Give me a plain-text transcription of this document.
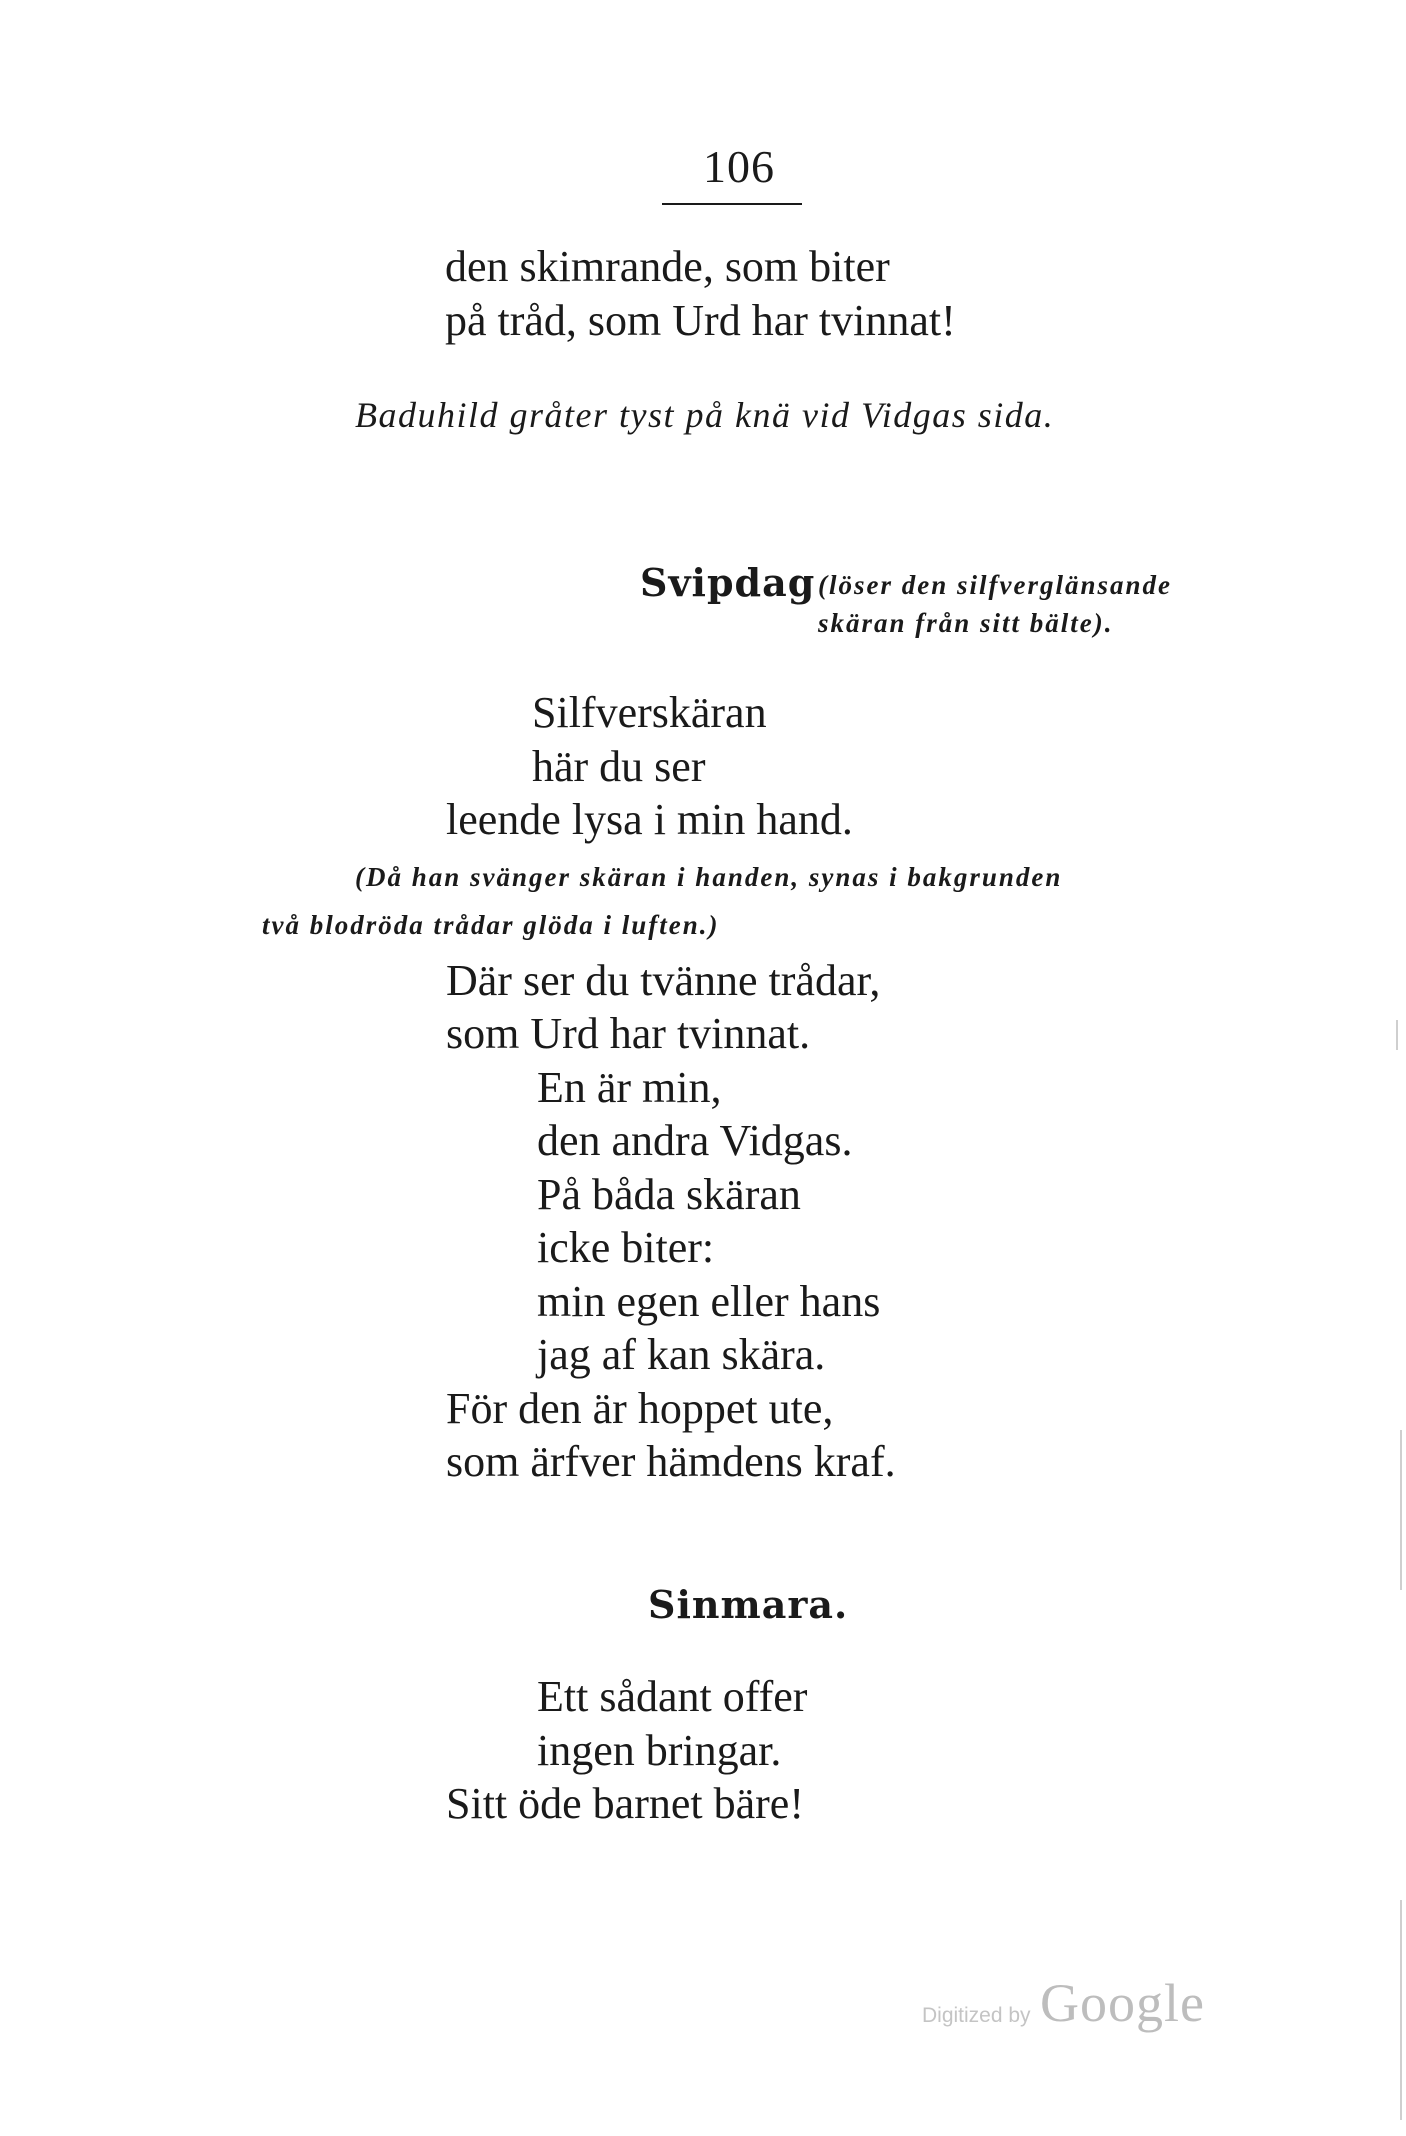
106
den skimrande, som biter
på tråd, som Urd har tvinnat!
Baduhild gråter tyst på knä vid Vidgas sida.
Svipdag (löser den silfverglänsande
skäran från sitt bälte).
Silfverskäran
här du ser
leende lysa i min hand.
(Då han svänger skäran i handen, synas i bakgrunden
två blodröda trådar glöda i luften.)
Där ser du tvänne trådar,
som Urd har tvinnat.
En är min,
den andra Vidgas.
På båda skäran
icke biter:
min egen eller hans
jag af kan skära.
För den är hoppet ute,
som ärfver hämdens kraf.
Sinmara.
Ett sådant offer
ingen bringar.
Sitt öde barnet bäre!
Digitized by Google
